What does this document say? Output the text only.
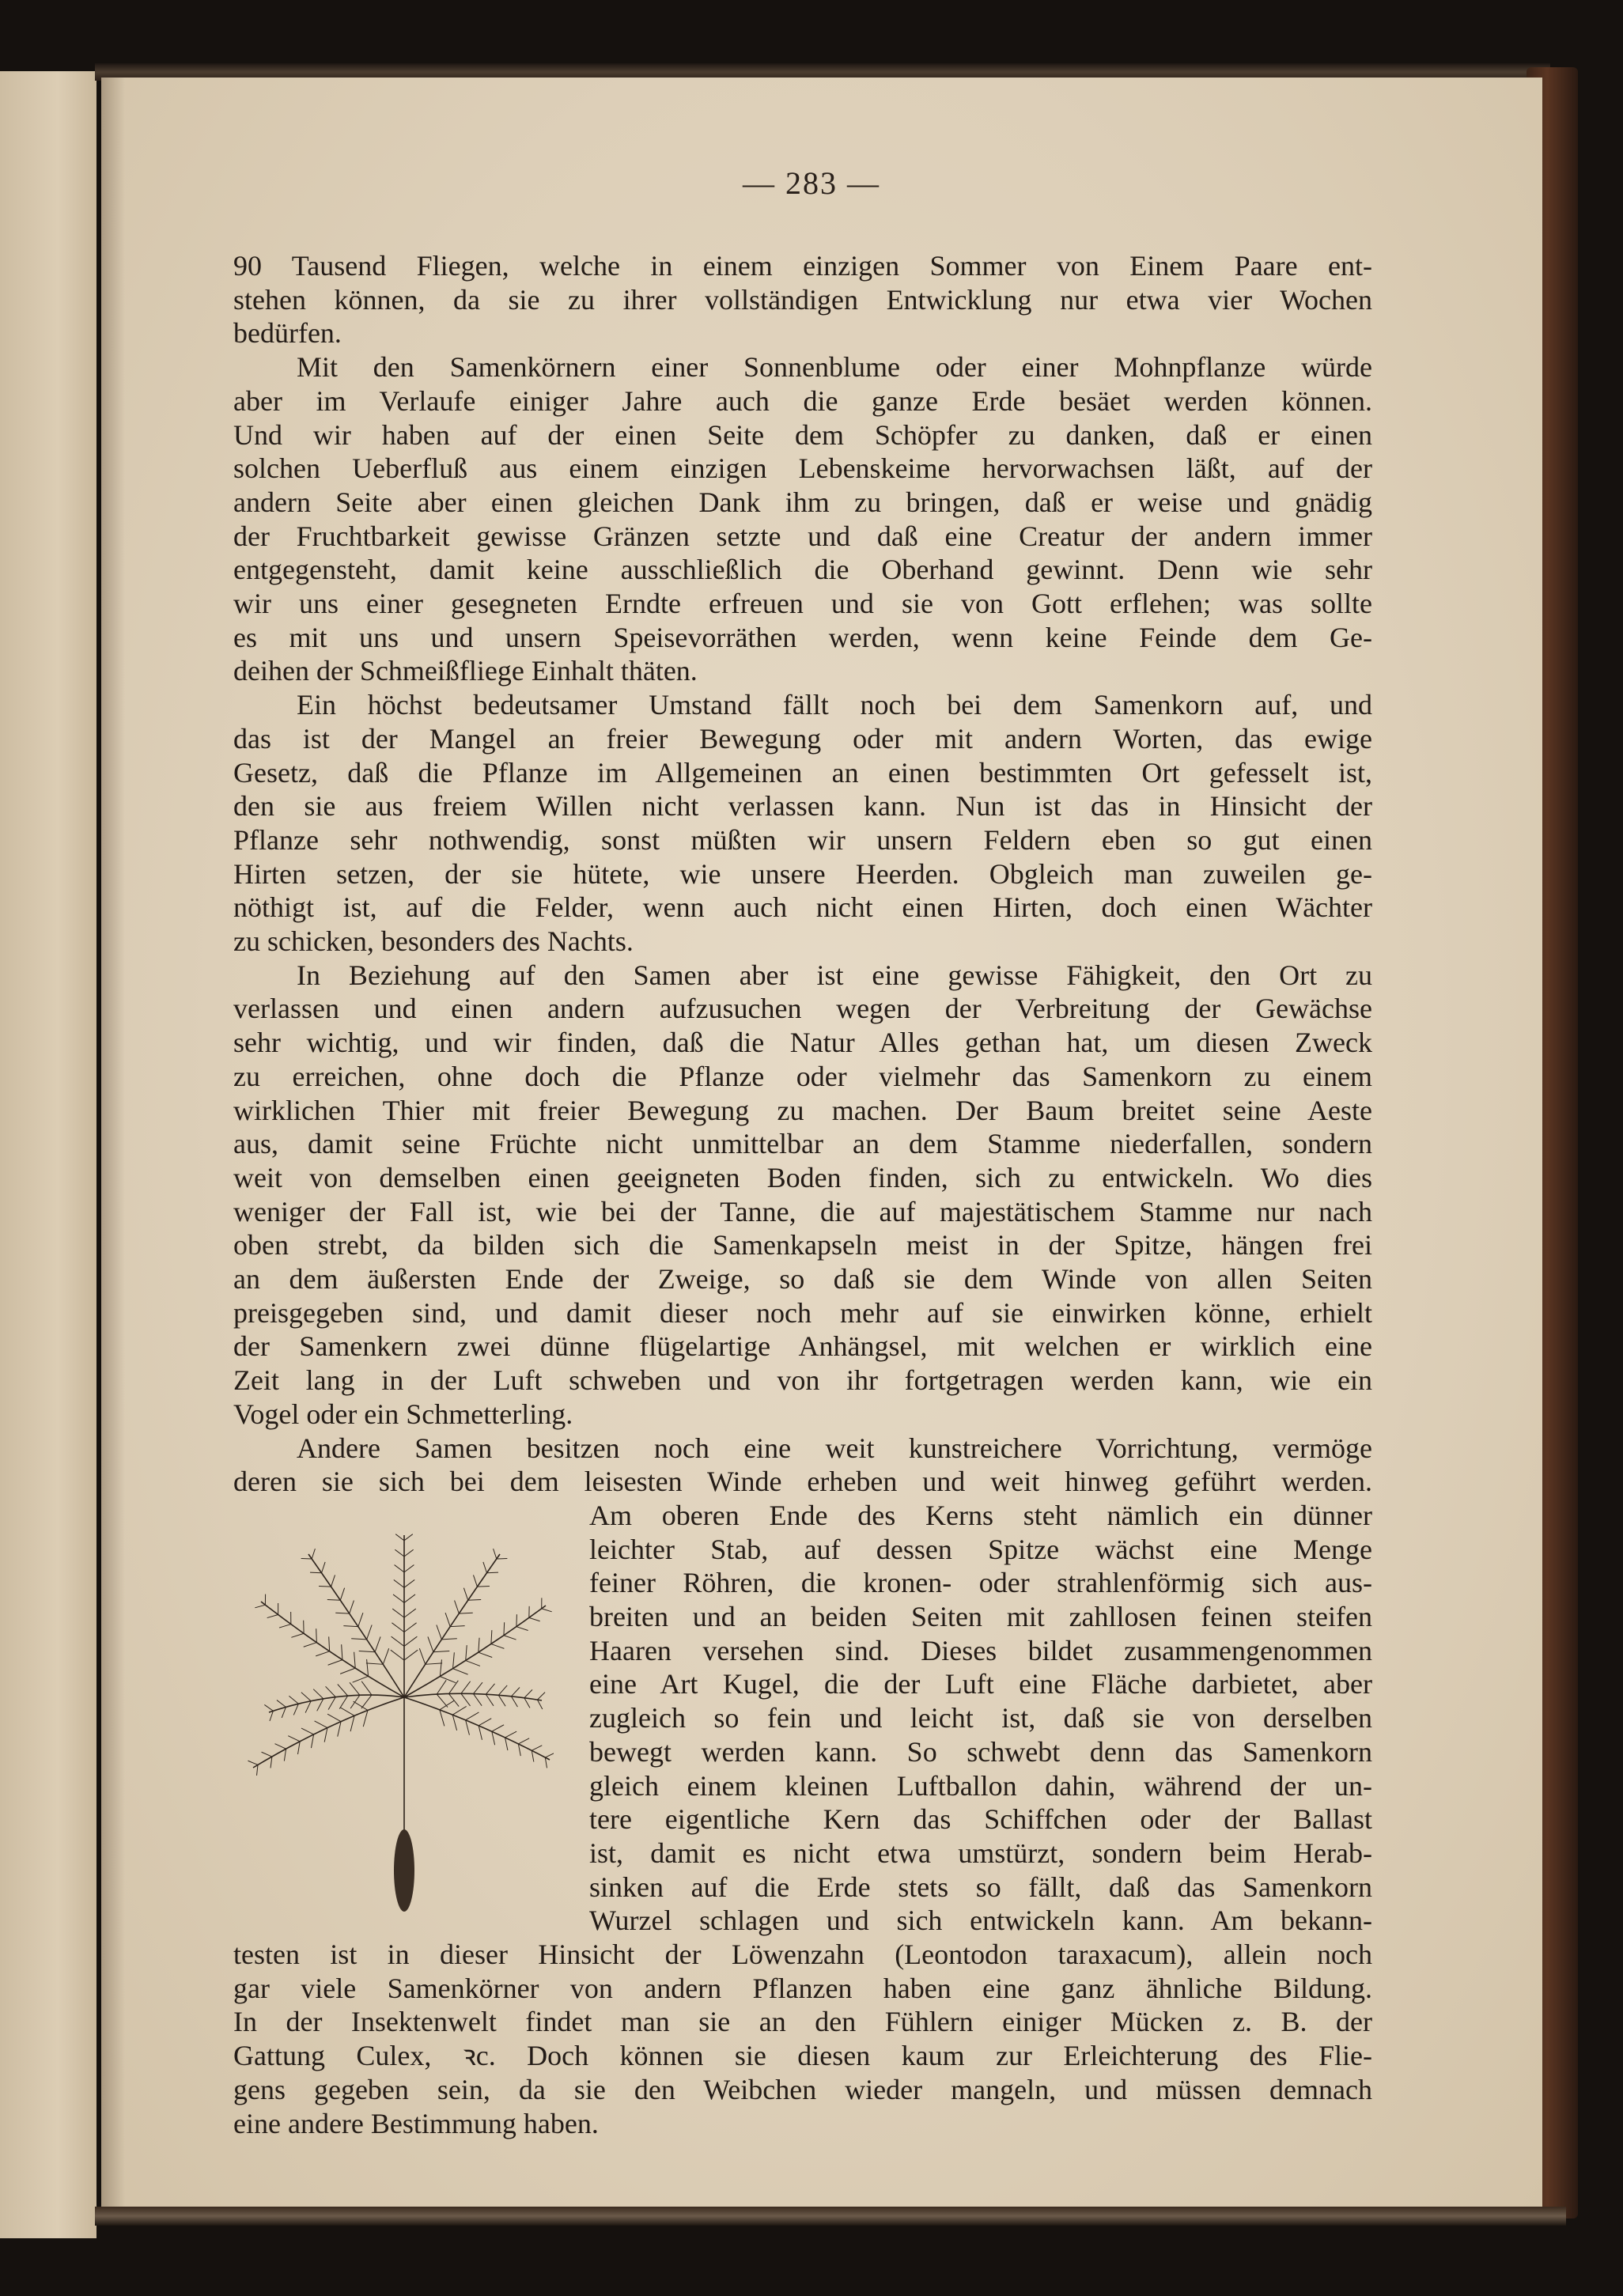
— 283 —
90 Tausend Fliegen, welche in einem einzigen Sommer von Einem Paare ent-
stehen können, da sie zu ihrer vollständigen Entwicklung nur etwa vier Wochen
bedürfen.
Mit den Samenkörnern einer Sonnenblume oder einer Mohnpflanze würde
aber im Verlaufe einiger Jahre auch die ganze Erde besäet werden können.
Und wir haben auf der einen Seite dem Schöpfer zu danken, daß er einen
solchen Ueberfluß aus einem einzigen Lebenskeime hervorwachsen läßt, auf der
andern Seite aber einen gleichen Dank ihm zu bringen, daß er weise und gnädig
der Fruchtbarkeit gewisse Gränzen setzte und daß eine Creatur der andern immer
entgegensteht, damit keine ausschließlich die Oberhand gewinnt. Denn wie sehr
wir uns einer gesegneten Erndte erfreuen und sie von Gott erflehen; was sollte
es mit uns und unsern Speisevorräthen werden, wenn keine Feinde dem Ge-
deihen der Schmeißfliege Einhalt thäten.
Ein höchst bedeutsamer Umstand fällt noch bei dem Samenkorn auf, und
das ist der Mangel an freier Bewegung oder mit andern Worten, das ewige
Gesetz, daß die Pflanze im Allgemeinen an einen bestimmten Ort gefesselt ist,
den sie aus freiem Willen nicht verlassen kann. Nun ist das in Hinsicht der
Pflanze sehr nothwendig, sonst müßten wir unsern Feldern eben so gut einen
Hirten setzen, der sie hütete, wie unsere Heerden. Obgleich man zuweilen ge-
nöthigt ist, auf die Felder, wenn auch nicht einen Hirten, doch einen Wächter
zu schicken, besonders des Nachts.
In Beziehung auf den Samen aber ist eine gewisse Fähigkeit, den Ort zu
verlassen und einen andern aufzusuchen wegen der Verbreitung der Gewächse
sehr wichtig, und wir finden, daß die Natur Alles gethan hat, um diesen Zweck
zu erreichen, ohne doch die Pflanze oder vielmehr das Samenkorn zu einem
wirklichen Thier mit freier Bewegung zu machen. Der Baum breitet seine Aeste
aus, damit seine Früchte nicht unmittelbar an dem Stamme niederfallen, sondern
weit von demselben einen geeigneten Boden finden, sich zu entwickeln. Wo dies
weniger der Fall ist, wie bei der Tanne, die auf majestätischem Stamme nur nach
oben strebt, da bilden sich die Samenkapseln meist in der Spitze, hängen frei
an dem äußersten Ende der Zweige, so daß sie dem Winde von allen Seiten
preisgegeben sind, und damit dieser noch mehr auf sie einwirken könne, erhielt
der Samenkern zwei dünne flügelartige Anhängsel, mit welchen er wirklich eine
Zeit lang in der Luft schweben und von ihr fortgetragen werden kann, wie ein
Vogel oder ein Schmetterling.
Andere Samen besitzen noch eine weit kunstreichere Vorrichtung, vermöge
deren sie sich bei dem leisesten Winde erheben und weit hinweg geführt werden.
Am oberen Ende des Kerns steht nämlich ein dünner
leichter Stab, auf dessen Spitze wächst eine Menge
feiner Röhren, die kronen- oder strahlenförmig sich aus-
breiten und an beiden Seiten mit zahllosen feinen steifen
Haaren versehen sind. Dieses bildet zusammengenommen
eine Art Kugel, die der Luft eine Fläche darbietet, aber
zugleich so fein und leicht ist, daß sie von derselben
bewegt werden kann. So schwebt denn das Samenkorn
gleich einem kleinen Luftballon dahin, während der un-
tere eigentliche Kern das Schiffchen oder der Ballast
ist, damit es nicht etwa umstürzt, sondern beim Herab-
sinken auf die Erde stets so fällt, daß das Samenkorn
Wurzel schlagen und sich entwickeln kann. Am bekann-
testen ist in dieser Hinsicht der Löwenzahn (Leontodon taraxacum), allein noch
gar viele Samenkörner von andern Pflanzen haben eine ganz ähnliche Bildung.
In der Insektenwelt findet man sie an den Fühlern einiger Mücken z. B. der
Gattung Culex, ꝛc. Doch können sie diesen kaum zur Erleichterung des Flie-
gens gegeben sein, da sie den Weibchen wieder mangeln, und müssen demnach
eine andere Bestimmung haben.
